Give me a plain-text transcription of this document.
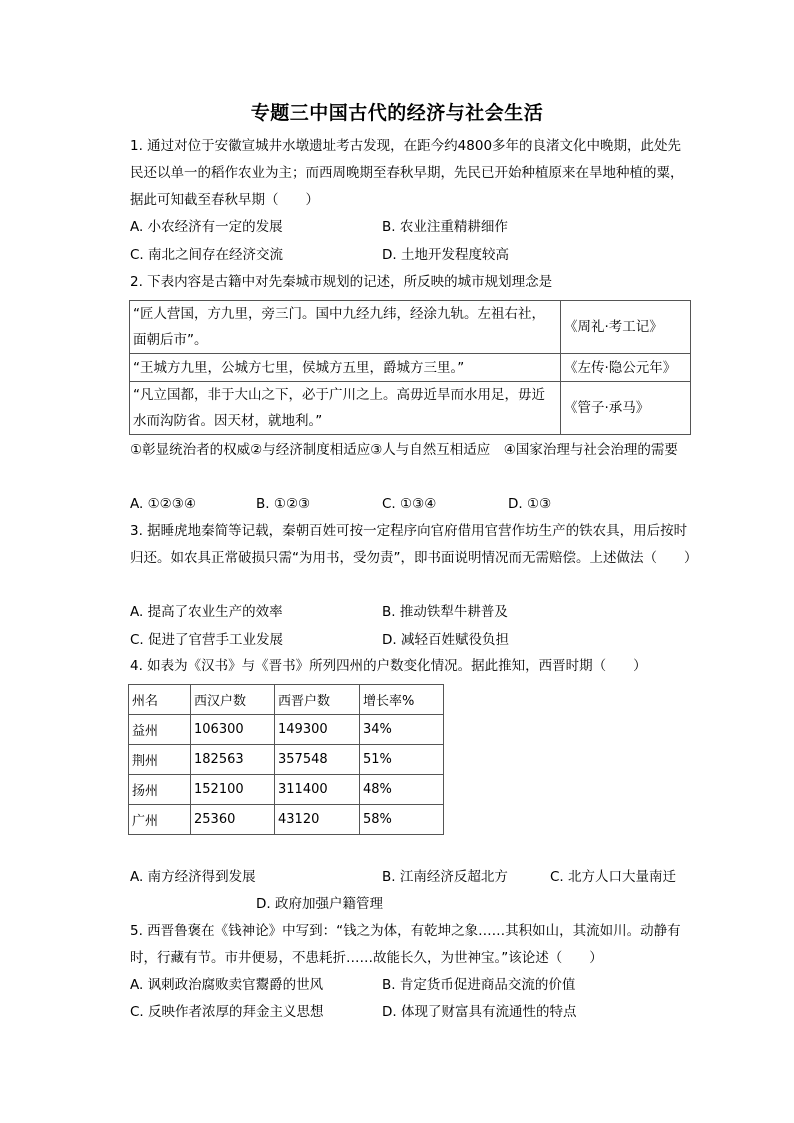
专题三中国古代的经济与社会生活
1. 通过对位于安徽宣城井水墩遗址考古发现，在距今约4800多年的良渚文化中晚期，此处先民还以单一的稻作农业为主；而西周晚期至春秋早期，先民已开始种植原来在旱地种植的粟，据此可知截至春秋早期（　　）
A. 小农经济有一定的发展	B. 农业注重精耕细作
C. 南北之间存在经济交流	D. 土地开发程度较高
2. 下表内容是古籍中对先秦城市规划的记述，所反映的城市规划理念是
“匠人营国，方九里，旁三门。国中九经九纬，经涂九轨。左祖右社，面朝后市”。	《周礼·考工记》
“王城方九里，公城方七里，侯城方五里，爵城方三里。”	《左传·隐公元年》
“凡立国都，非于大山之下，必于广川之上。高毋近旱而水用足，毋近水而沟防省。因天材，就地利。”	《管子·承马》
①彰显统治者的权威②与经济制度相适应③人与自然互相适应　④国家治理与社会治理的需要
A. ①②③④	B. ①②③	C. ①③④	D. ①③
3. 据睡虎地秦简等记载，秦朝百姓可按一定程序向官府借用官营作坊生产的铁农具，用后按时归还。如农具正常破损只需“为用书，受勿责”，即书面说明情况而无需赔偿。上述做法（　　）
A. 提高了农业生产的效率	B. 推动铁犁牛耕普及
C. 促进了官营手工业发展	D. 减轻百姓赋役负担
4. 如表为《汉书》与《晋书》所列四州的户数变化情况。据此推知，西晋时期（　　）
州名	西汉户数	西晋户数	增长率%
益州	106300	149300	34%
荆州	182563	357548	51%
扬州	152100	311400	48%
广州	25360	43120	58%
A. 南方经济得到发展	B. 江南经济反超北方	C. 北方人口大量南迁
D. 政府加强户籍管理
5. 西晋鲁褒在《钱神论》中写到：“钱之为体，有乾坤之象……其积如山，其流如川。动静有时，行藏有节。市井便易，不患耗折……故能长久，为世神宝。”该论述（　　）
A. 讽刺政治腐败卖官鬻爵的世风	B. 肯定货币促进商品交流的价值
C. 反映作者浓厚的拜金主义思想	D. 体现了财富具有流通性的特点
